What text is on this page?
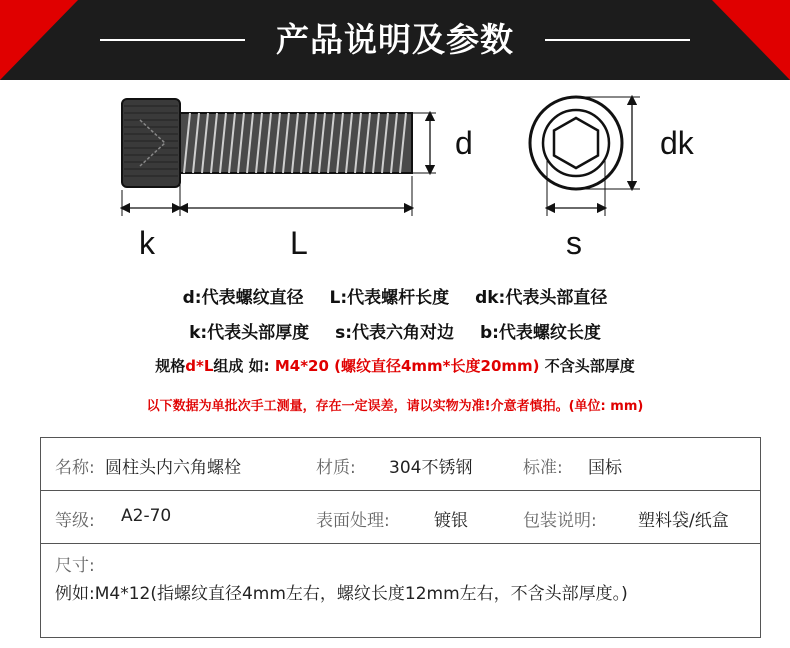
产品说明及参数
d	dk
k	L	s
d:代表螺纹直径 L:代表螺杆长度 dk:代表头部直径
k:代表头部厚度 s:代表六角对边 b:代表螺纹长度
规格d*L组成 如: M4*20 (螺纹直径4mm*长度20mm) 不含头部厚度
以下数据为单批次手工测量，存在一定误差，请以实物为准!介意者慎拍。(单位: mm)
名称: 圆柱头内六角螺栓	材质: 304不锈钢	标准: 国标
等级: A2-70	表面处理:	镀银	包装说明: 塑料袋/纸盒
尺寸:
例如:M4*12(指螺纹直径4mm左右，螺纹长度12mm左右，不含头部厚度。)
